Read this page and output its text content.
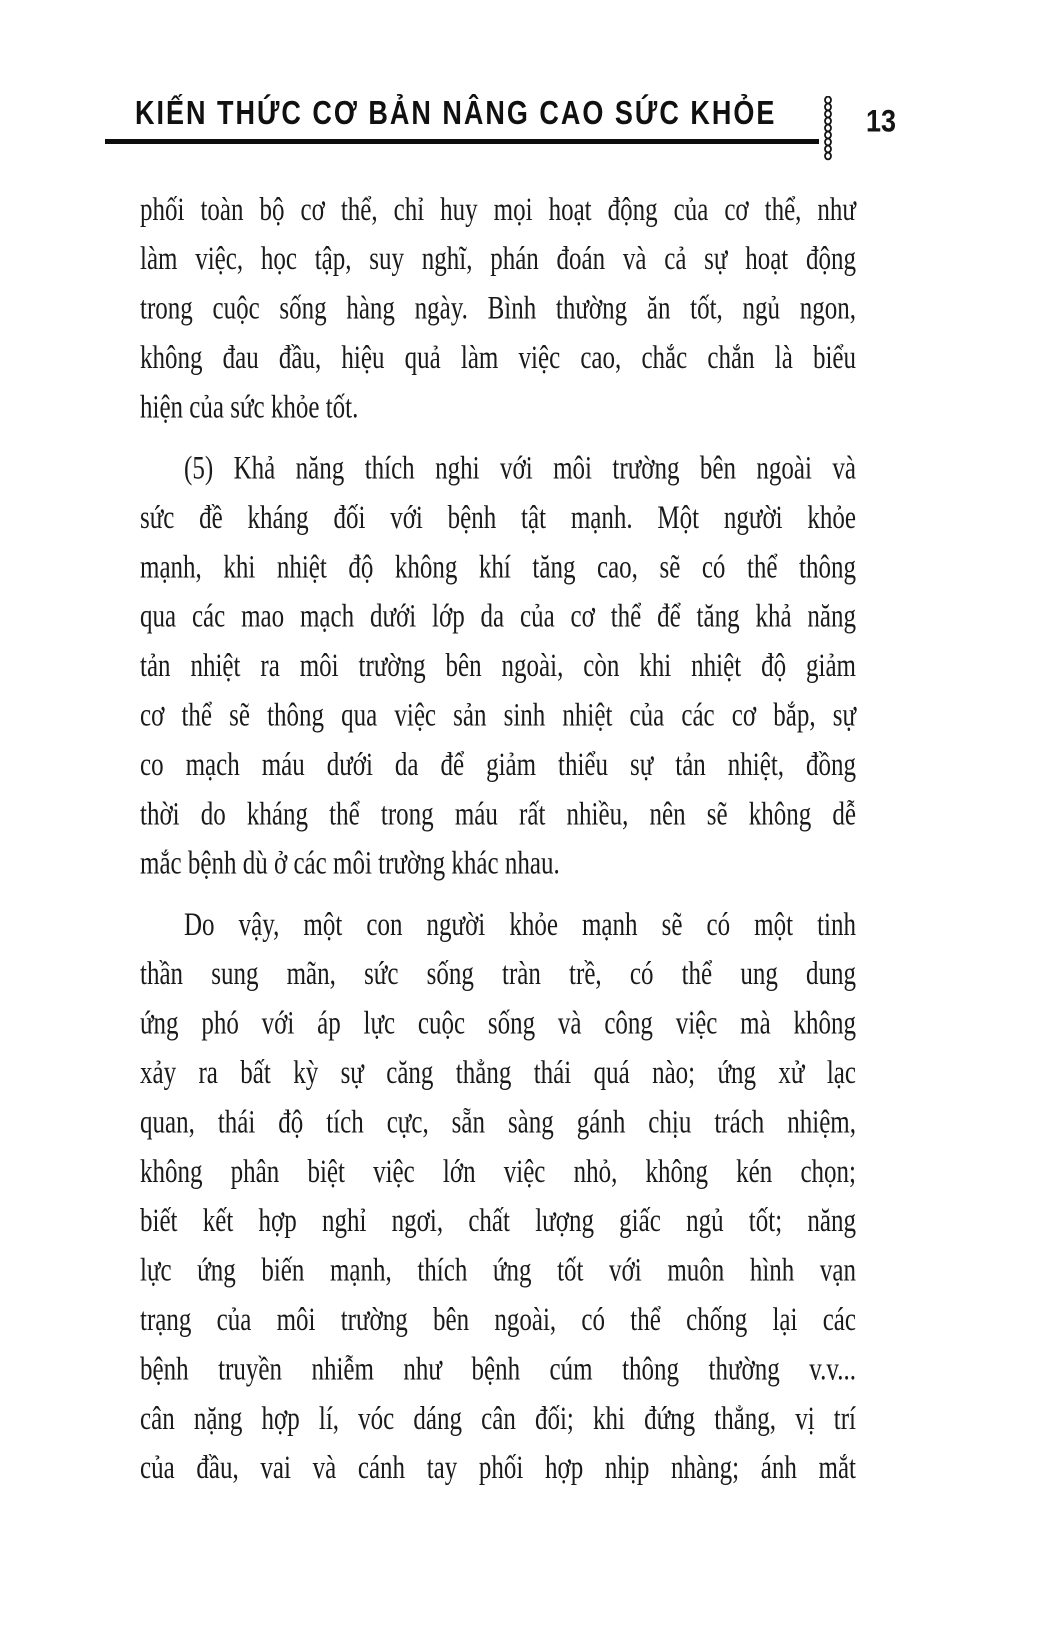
KIẾN THỨC CƠ BẢN NÂNG CAO SỨC KHỎE	13
phối toàn bộ cơ thể, chỉ huy mọi hoạt động của cơ thể, như
làm việc, học tập, suy nghĩ, phán đoán và cả sự hoạt động
trong cuộc sống hàng ngày. Bình thường ăn tốt, ngủ ngon,
không đau đầu, hiệu quả làm việc cao, chắc chắn là biểu
hiện của sức khỏe tốt.
(5) Khả năng thích nghi với môi trường bên ngoài và
sức đề kháng đối với bệnh tật mạnh. Một người khỏe
mạnh, khi nhiệt độ không khí tăng cao, sẽ có thể thông
qua các mao mạch dưới lớp da của cơ thể để tăng khả năng
tản nhiệt ra môi trường bên ngoài, còn khi nhiệt độ giảm
cơ thể sẽ thông qua việc sản sinh nhiệt của các cơ bắp, sự
co mạch máu dưới da để giảm thiểu sự tản nhiệt, đồng
thời do kháng thể trong máu rất nhiều, nên sẽ không dễ
mắc bệnh dù ở các môi trường khác nhau.
Do vậy, một con người khỏe mạnh sẽ có một tinh
thần sung mãn, sức sống tràn trề, có thể ung dung
ứng phó với áp lực cuộc sống và công việc mà không
xảy ra bất kỳ sự căng thẳng thái quá nào; ứng xử lạc
quan, thái độ tích cực, sẵn sàng gánh chịu trách nhiệm,
không phân biệt việc lớn việc nhỏ, không kén chọn;
biết kết hợp nghỉ ngơi, chất lượng giấc ngủ tốt; năng
lực ứng biến mạnh, thích ứng tốt với muôn hình vạn
trạng của môi trường bên ngoài, có thể chống lại các
bệnh truyền nhiễm như bệnh cúm thông thường v.v...
cân nặng hợp lí, vóc dáng cân đối; khi đứng thẳng, vị trí
của đầu, vai và cánh tay phối hợp nhịp nhàng; ánh mắt
